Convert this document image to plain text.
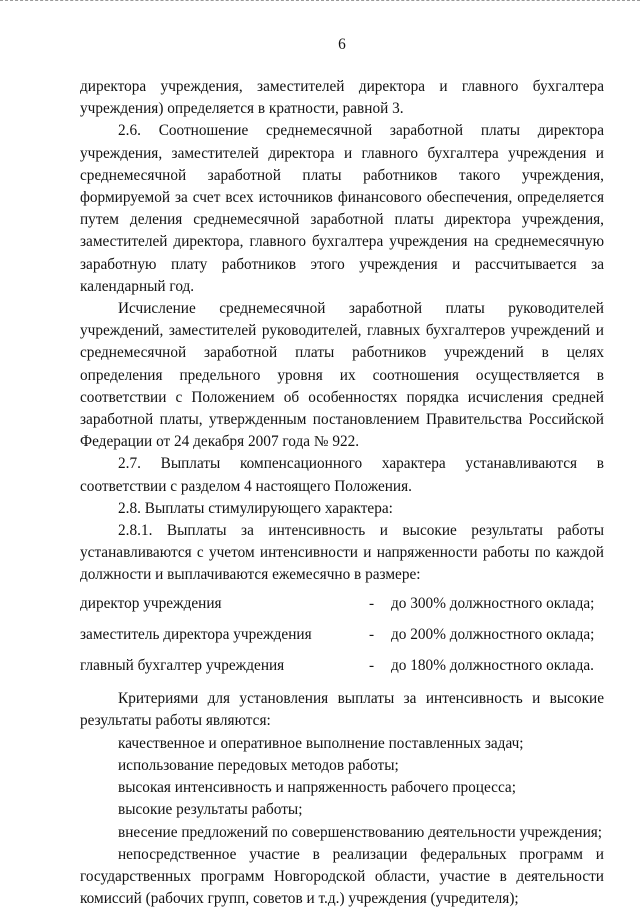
6

директора учреждения, заместителей директора и главного бухгалтера учреждения) определяется в кратности, равной 3.

2.6. Соотношение среднемесячной заработной платы директора учреждения, заместителей директора и главного бухгалтера учреждения и среднемесячной заработной платы работников такого учреждения, формируемой за счет всех источников финансового обеспечения, определяется путем деления среднемесячной заработной платы директора учреждения, заместителей директора, главного бухгалтера учреждения на среднемесячную заработную плату работников этого учреждения и рассчитывается за календарный год.

Исчисление среднемесячной заработной платы руководителей учреждений, заместителей руководителей, главных бухгалтеров учреждений и среднемесячной заработной платы работников учреждений в целях определения предельного уровня их соотношения осуществляется в соответствии с Положением об особенностях порядка исчисления средней заработной платы, утвержденным постановлением Правительства Российской Федерации от 24 декабря 2007 года № 922.

2.7. Выплаты компенсационного характера устанавливаются в соответствии с разделом 4 настоящего Положения.

2.8. Выплаты стимулирующего характера:

2.8.1. Выплаты за интенсивность и высокие результаты работы устанавливаются с учетом интенсивности и напряженности работы по каждой должности и выплачиваются ежемесячно в размере:

директор учреждения	- до 300% должностного оклада;
заместитель директора учреждения	- до 200% должностного оклада;
главный бухгалтер учреждения	- до 180% должностного оклада.

Критериями для установления выплаты за интенсивность и высокие результаты работы являются:

качественное и оперативное выполнение поставленных задач;

использование передовых методов работы;

высокая интенсивность и напряженность рабочего процесса;

высокие результаты работы;

внесение предложений по совершенствованию деятельности учреждения;

непосредственное участие в реализации федеральных программ и государственных программ Новгородской области, участие в деятельности комиссий (рабочих групп, советов и т.д.) учреждения (учредителя);
